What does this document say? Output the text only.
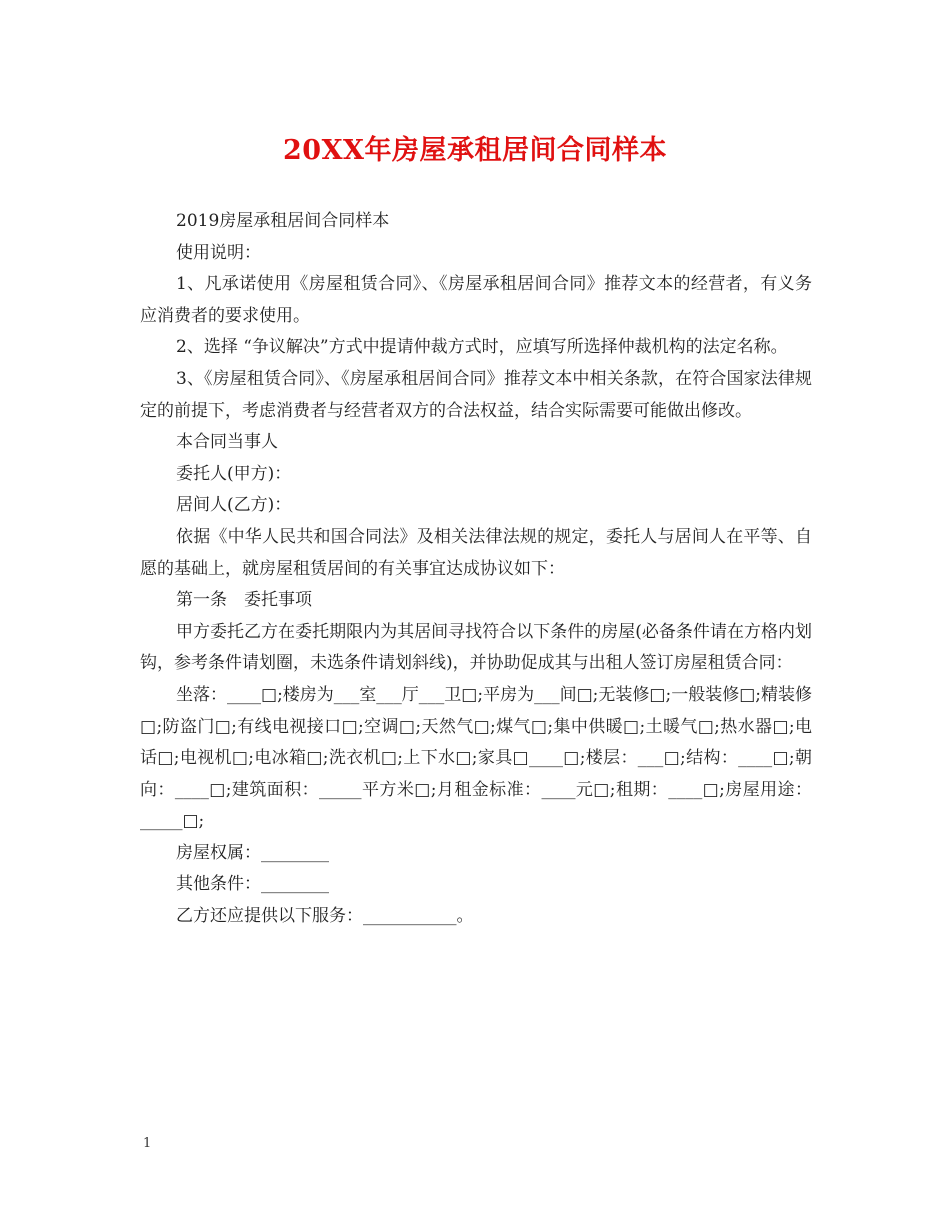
20XX年房屋承租居间合同样本

2019房屋承租居间合同样本

使用说明：

1、凡承诺使用《房屋租赁合同》、《房屋承租居间合同》推荐文本的经营者，有义务应消费者的要求使用。

2、选择 “争议解决”方式中提请仲裁方式时，应填写所选择仲裁机构的法定名称。

3、《房屋租赁合同》、《房屋承租居间合同》推荐文本中相关条款，在符合国家法律规定的前提下，考虑消费者与经营者双方的合法权益，结合实际需要可能做出修改。

本合同当事人

委托人(甲方)：

居间人(乙方)：

依据《中华人民共和国合同法》及相关法律法规的规定，委托人与居间人在平等、自愿的基础上，就房屋租赁居间的有关事宜达成协议如下：

第一条　委托事项

甲方委托乙方在委托期限内为其居间寻找符合以下条件的房屋(必备条件请在方格内划钩，参考条件请划圈，未选条件请划斜线)，并协助促成其与出租人签订房屋租赁合同：

坐落：____□;楼房为___室___厅___卫□;平房为___间□;无装修□;一般装修□;精装修□;防盗门□;有线电视接口□;空调□;天然气□;煤气□;集中供暖□;土暖气□;热水器□;电话□;电视机□;电冰箱□;洗衣机□;上下水□;家具□____□;楼层：___□;结构：____□;朝向：____□;建筑面积：_____平方米□;月租金标准：____元□;租期：____□;房屋用途：_____□;

房屋权属：________

其他条件：________

乙方还应提供以下服务：___________。

1
